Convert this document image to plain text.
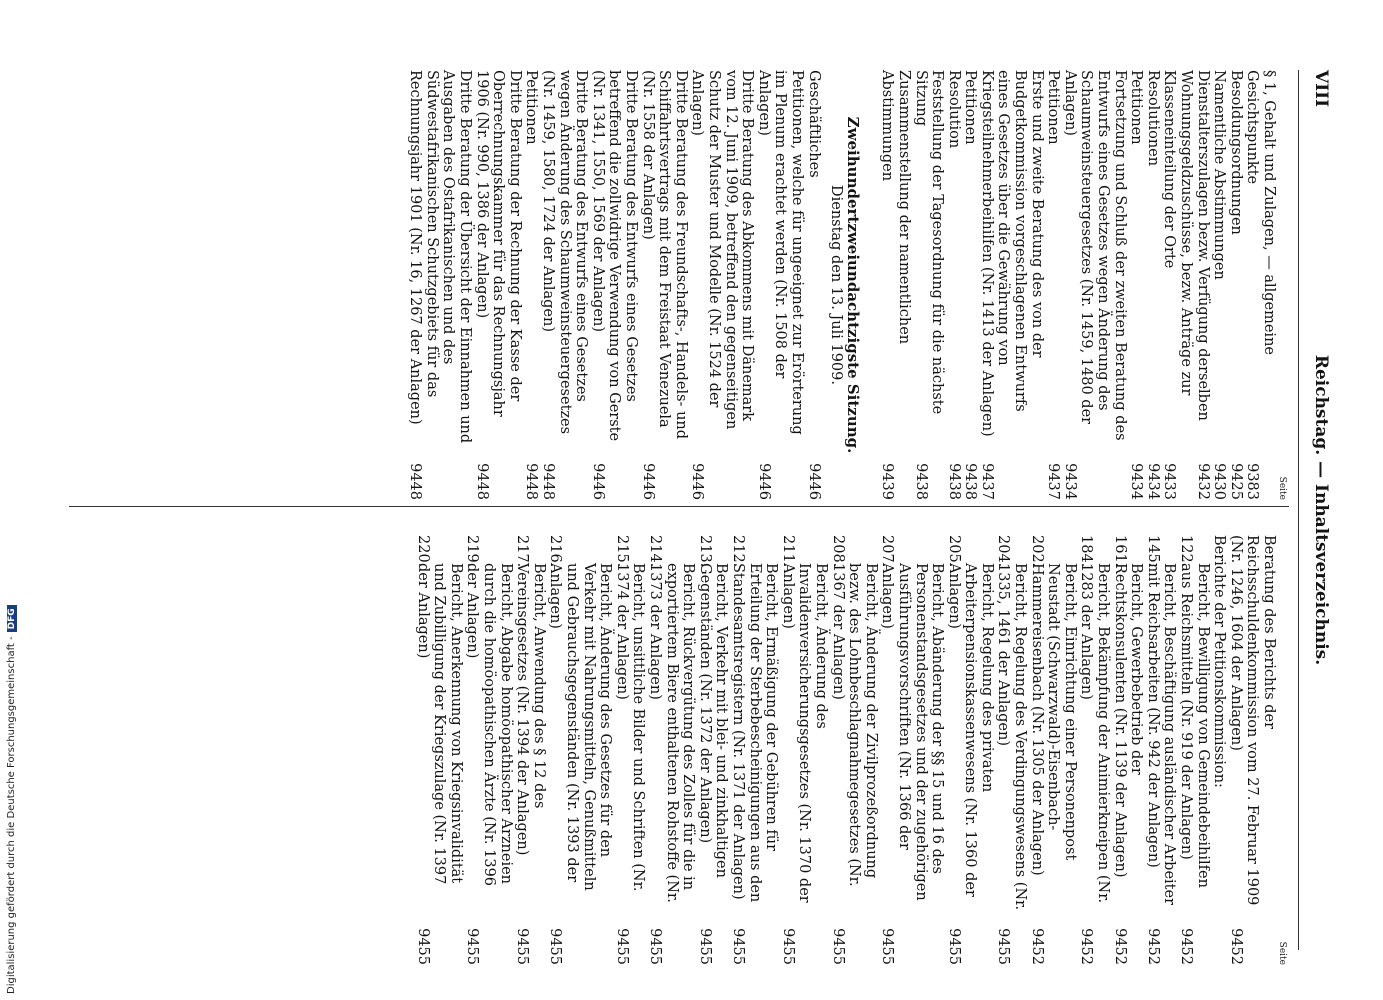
VIII
Reichstag. — Inhaltsverzeichnis.
Seite
§ 1, Gehalt und Zulagen, — allgemeine Gesichtspunkte
9383
Besoldungsordnungen
9425
Namentliche Abstimmungen
9430
Dienstalterszulagen bezw. Verfügung derselben
9432
Wohnungsgeldzuschüsse, bezw. Anträge zur Klasseneinteilung der Orte
9433
Resolutionen
9434
Petitionen
9434
Fortsetzung und Schluß der zweiten Beratung des Entwurfs eines Gesetzes wegen Änderung des Schaumweinsteuergesetzes (Nr. 1459, 1480 der Anlagen)
9434
Petitionen
9437
Erste und zweite Beratung des von der Budgetkommission vorgeschlagenen Entwurfs eines Gesetzes über die Gewährung von Kriegsteilnehmerbeihilfen (Nr. 1413 der Anlagen)
9437
Petitionen
9438
Resolution
9438
Feststellung der Tagesordnung für die nächste Sitzung
9438
Zusammenstellung der namentlichen Abstimmungen
9439
Zweihundertzweiundachtzigste Sitzung.
Dienstag den 13. Juli 1909.
Geschäftliches
9446
Petitionen, welche für ungeeignet zur Erörterung im Plenum erachtet werden (Nr. 1508 der Anlagen)
9446
Dritte Beratung des Abkommens mit Dänemark vom 12. Juni 1909, betreffend den gegenseitigen Schutz der Muster und Modelle (Nr. 1524 der Anlagen)
9446
Dritte Beratung des Freundschafts-, Handels- und Schiffahrtsvertrags mit dem Freistaat Venezuela (Nr. 1558 der Anlagen)
9446
Dritte Beratung des Entwurfs eines Gesetzes betreffend die zollwidrige Verwendung von Gerste (Nr. 1341, 1550, 1569 der Anlagen)
9446
Dritte Beratung des Entwurfs eines Gesetzes wegen Änderung des Schaumweinsteuergesetzes (Nr. 1459, 1580, 1724 der Anlagen)
9448
Petitionen
9448
Dritte Beratung der Rechnung der Kasse der Oberrechnungskammer für das Rechnungsjahr 1906 (Nr. 990, 1386 der Anlagen)
9448
Dritte Beratung der Übersicht der Einnahmen und Ausgaben des Ostafrikanischen und des Südwestafrikanischen Schutzgebiets für das Rechnungsjahr 1901 (Nr. 16, 1267 der Anlagen)
9448
Seite
Beratung des Berichts der Reichsschuldenkommission vom 27. Februar 1909 (Nr. 1246, 1604 der Anlagen)
9452
Berichte der Petitionskommission:
122.
Bericht, Bewilligung von Gemeindebeihilfen aus Reichsmitteln (Nr. 919 der Anlagen)
9452
145.
Bericht, Beschäftigung ausländischer Arbeiter mit Reichsarbeiten (Nr. 942 der Anlagen)
9452
161.
Bericht, Gewerbebetrieb der Rechtskonsulenten (Nr. 1139 der Anlagen)
9452
184.
Bericht, Bekämpfung der Animierkneipen (Nr. 1283 der Anlagen)
9452
202.
Bericht, Einrichtung einer Personenpost Neustadt (Schwarzwald)-Eisenbach-Hammereisenbach (Nr. 1305 der Anlagen)
9452
204.
Bericht, Regelung des Verdingungswesens (Nr. 1335, 1461 der Anlagen)
9455
205.
Bericht, Regelung des privaten Arbeiterpensionskassenwesens (Nr. 1360 der Anlagen)
9455
207.
Bericht, Abänderung der §§ 15 und 16 des Personenstandsgesetzes und der zugehörigen Ausführungsvorschriften (Nr. 1366 der Anlagen)
9455
208.
Bericht, Änderung der Zivilprozeßordnung bezw. des Lohnbeschlagnahmegesetzes (Nr. 1367 der Anlagen)
9455
211.
Bericht, Änderung des Invalidenversicherungsgesetzes (Nr. 1370 der Anlagen)
9455
212.
Bericht, Ermäßigung der Gebühren für Erteilung der Sterbebescheinigungen aus den Standesamtsregistern (Nr. 1371 der Anlagen)
9455
213.
Bericht, Verkehr mit blei- und zinkhaltigen Gegenständen (Nr. 1372 der Anlagen)
9455
214.
Bericht, Rückvergütung des Zolles für die in exportiertem Biere enthaltenen Rohstoffe (Nr. 1373 der Anlagen)
9455
215.
Bericht, unsittliche Bilder und Schriften (Nr. 1374 der Anlagen)
9455
216.
Bericht, Änderung des Gesetzes für den Verkehr mit Nahrungsmitteln, Genußmitteln und Gebrauchsgegenständen (Nr. 1393 der Anlagen)
9455
217.
Bericht, Anwendung des § 12 des Vereinsgesetzes (Nr. 1394 der Anlagen)
9455
219.
Bericht, Abgabe homöopathischer Arzneien durch die homöopathischen Ärzte (Nr. 1396 der Anlagen)
9455
220.
Bericht, Anerkennung von Kriegsinvalidität und Zubilligung der Kriegszulage (Nr. 1397 der Anlagen)
9455
Digitalisierung gefördert durch die Deutsche Forschungsgemeinschaft -DFG
